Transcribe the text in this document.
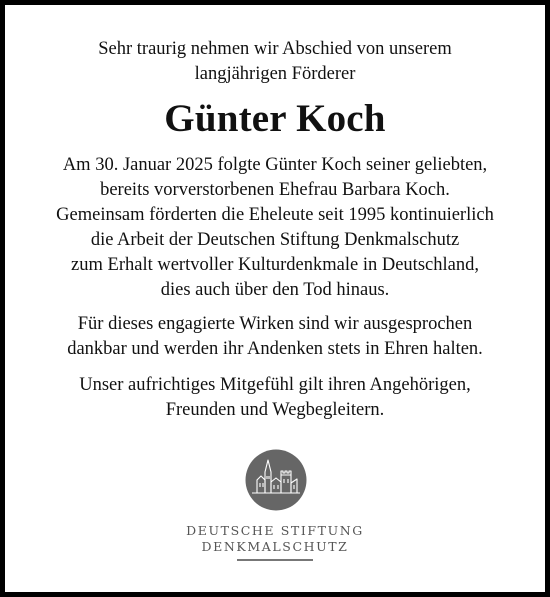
Sehr traurig nehmen wir Abschied von unserem
langjährigen Förderer
Günter Koch
Am 30. Januar 2025 folgte Günter Koch seiner geliebten,
bereits vorverstorbenen Ehefrau Barbara Koch.
Gemeinsam förderten die Eheleute seit 1995 kontinuierlich
die Arbeit der Deutschen Stiftung Denkmalschutz
zum Erhalt wertvoller Kulturdenkmale in Deutschland,
dies auch über den Tod hinaus.
Für dieses engagierte Wirken sind wir ausgesprochen
dankbar und werden ihr Andenken stets in Ehren halten.
Unser aufrichtiges Mitgefühl gilt ihren Angehörigen,
Freunden und Wegbegleitern.
DEUTSCHE STIFTUNG
DENKMALSCHUTZ
